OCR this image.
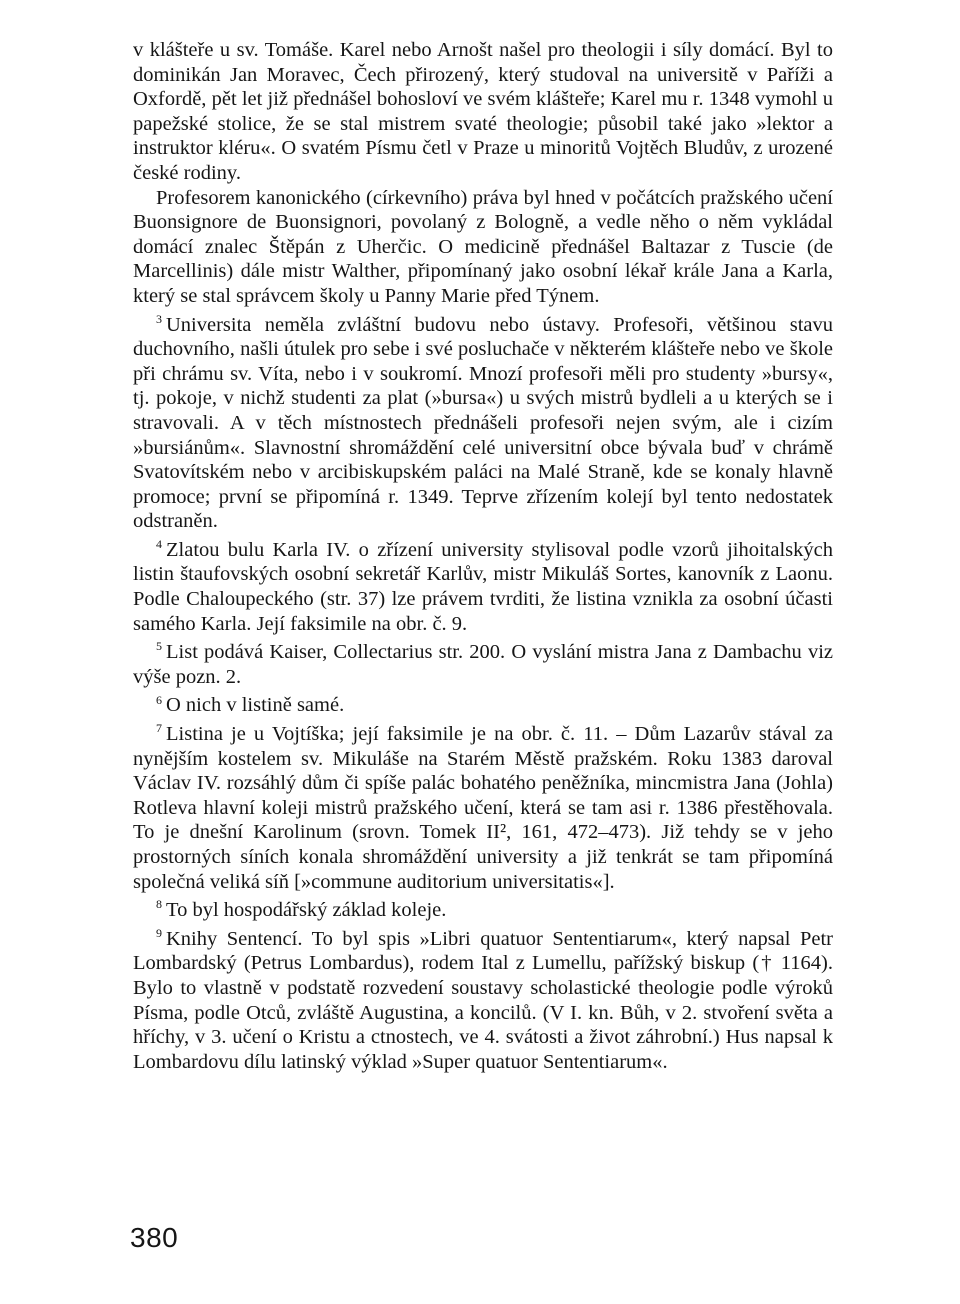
v klášteře u sv. Tomáše. Karel nebo Arnošt našel pro theologii i síly domácí. Byl to dominikán Jan Moravec, Čech přirozený, který studoval na universitě v Paříži a Oxfordě, pět let již přednášel bohosloví ve svém klášteře; Karel mu r. 1348 vymohl u papežské stolice, že se stal mistrem svaté theologie; působil také jako »lektor a instruktor kléru«. O svatém Písmu četl v Praze u minoritů Vojtěch Bludův, z urozené české rodiny.

Profesorem kanonického (církevního) práva byl hned v počátcích pražského učení Buonsignore de Buonsignori, povolaný z Bologně, a vedle něho o něm vykládal domácí znalec Štěpán z Uherčic. O medicině přednášel Baltazar z Tuscie (de Marcellinis) dále mistr Walther, připomínaný jako osobní lékař krále Jana a Karla, který se stal správcem školy u Panny Marie před Týnem.

$^3$ Universita neměla zvláštní budovu nebo ústavy. Profesoři, většinou stavu duchovního, našli útulek pro sebe i své posluchače v některém klášteře nebo ve škole při chrámu sv. Víta, nebo i v soukromí. Mnozí profesoři měli pro studenty »bursy«, tj. pokoje, v nichž studenti za plat (»bursa«) u svých mistrů bydleli a u kterých se i stravovali. A v těch místnostech přednášeli profesoři nejen svým, ale i cizím »bursiánům«. Slavnostní shromáždění celé universitní obce bývala buď v chrámě Svatovítském nebo v arcibiskupském paláci na Malé Straně, kde se konaly hlavně promoce; první se připomíná r. 1349. Teprve zřízením kolejí byl tento nedostatek odstraněn.

$^4$ Zlatou bulu Karla IV. o zřízení university stylisoval podle vzorů jihoitalských listin štaufovských osobní sekretář Karlův, mistr Mikuláš Sortes, kanovník z Laonu. Podle Chaloupeckého (str. 37) lze právem tvrditi, že listina vznikla za osobní účasti samého Karla. Její faksimile na obr. č. 9.

$^5$ List podává Kaiser, Collectarius str. 200. O vyslání mistra Jana z Dambachu viz výše pozn. 2.

$^6$ O nich v listině samé.

$^7$ Listina je u Vojtíška; její faksimile je na obr. č. 11. – Dům Lazarův stával za nynějším kostelem sv. Mikuláše na Starém Městě pražském. Roku 1383 daroval Václav IV. rozsáhlý dům či spíše palác bohatého peněžníka, mincmistra Jana (Johla) Rotleva hlavní koleji mistrů pražského učení, která se tam asi r. 1386 přestěhovala. To je dnešní Karolinum (srovn. Tomek II², 161, 472–473). Již tehdy se v jeho prostorných síních konala shromáždění university a již tenkrát se tam připomíná společná veliká síň [»commune auditorium universitatis«].

$^8$ To byl hospodářský základ koleje.

$^9$ Knihy Sentencí. To byl spis »Libri quatuor Sententiarum«, který napsal Petr Lombardský (Petrus Lombardus), rodem Ital z Lumellu, pařížský biskup († 1164). Bylo to vlastně v podstatě rozvedení soustavy scholastické theologie podle výroků Písma, podle Otců, zvláště Augustina, a koncilů. (V I. kn. Bůh, v 2. stvoření světa a hříchy, v 3. učení o Kristu a ctnostech, ve 4. svátosti a život záhrobní.) Hus napsal k Lombardovu dílu latinský výklad »Super quatuor Sententiarum«.

380
